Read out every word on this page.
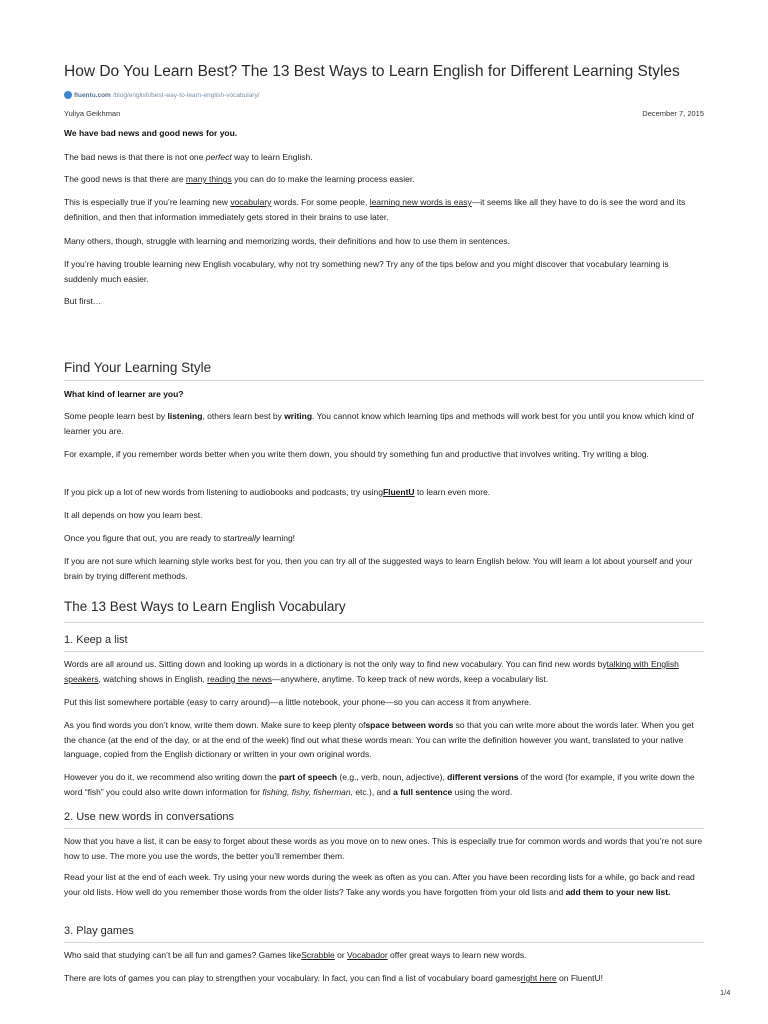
How Do You Learn Best? The 13 Best Ways to Learn English for Different Learning Styles
fluentu.com /blog/english/best-way-to-learn-english-vocabulary/
Yuliya Geikhman	December 7, 2015

We have bad news and good news for you.

The bad news is that there is not one perfect way to learn English.

The good news is that there are many things you can do to make the learning process easier.

This is especially true if you’re learning new vocabulary words. For some people, learning new words is easy—it seems like all they have to do is see the word and its definition, and then that information immediately gets stored in their brains to use later.

Many others, though, struggle with learning and memorizing words, their definitions and how to use them in sentences.

If you’re having trouble learning new English vocabulary, why not try something new? Try any of the tips below and you might discover that vocabulary learning is suddenly much easier.

But first…

Find Your Learning Style

What kind of learner are you?

Some people learn best by listening, others learn best by writing. You cannot know which learning tips and methods will work best for you until you know which kind of learner you are.

For example, if you remember words better when you write them down, you should try something fun and productive that involves writing. Try writing a blog.

If you pick up a lot of new words from listening to audiobooks and podcasts, try usingFluentU to learn even more.

It all depends on how you learn best.

Once you figure that out, you are ready to startreally learning!

If you are not sure which learning style works best for you, then you can try all of the suggested ways to learn English below. You will learn a lot about yourself and your brain by trying different methods.

The 13 Best Ways to Learn English Vocabulary
1. Keep a list

Words are all around us. Sitting down and looking up words in a dictionary is not the only way to find new vocabulary. You can find new words bytalking with English speakers, watching shows in English, reading the news—anywhere, anytime. To keep track of new words, keep a vocabulary list.

Put this list somewhere portable (easy to carry around)—a little notebook, your phone—so you can access it from anywhere.

As you find words you don’t know, write them down. Make sure to keep plenty ofspace between words so that you can write more about the words later. When you get the chance (at the end of the day, or at the end of the week) find out what these words mean. You can write the definition however you want, translated to your native language, copied from the English dictionary or written in your own original words.

However you do it, we recommend also writing down the part of speech (e.g., verb, noun, adjective), different versions of the word (for example, if you write down the word “fish” you could also write down information for fishing, fishy, fisherman, etc.), and a full sentence using the word.

2. Use new words in conversations

Now that you have a list, it can be easy to forget about these words as you move on to new ones. This is especially true for common words and words that you’re not sure how to use. The more you use the words, the better you’ll remember them.

Read your list at the end of each week. Try using your new words during the week as often as you can. After you have been recording lists for a while, go back and read your old lists. How well do you remember those words from the older lists? Take any words you have forgotten from your old lists and add them to your new list.

3. Play games

Who said that studying can’t be all fun and games? Games likeScrabble or Vocabador offer great ways to learn new words.

There are lots of games you can play to strengthen your vocabulary. In fact, you can find a list of vocabulary board gamesright here on FluentU!

1/4
